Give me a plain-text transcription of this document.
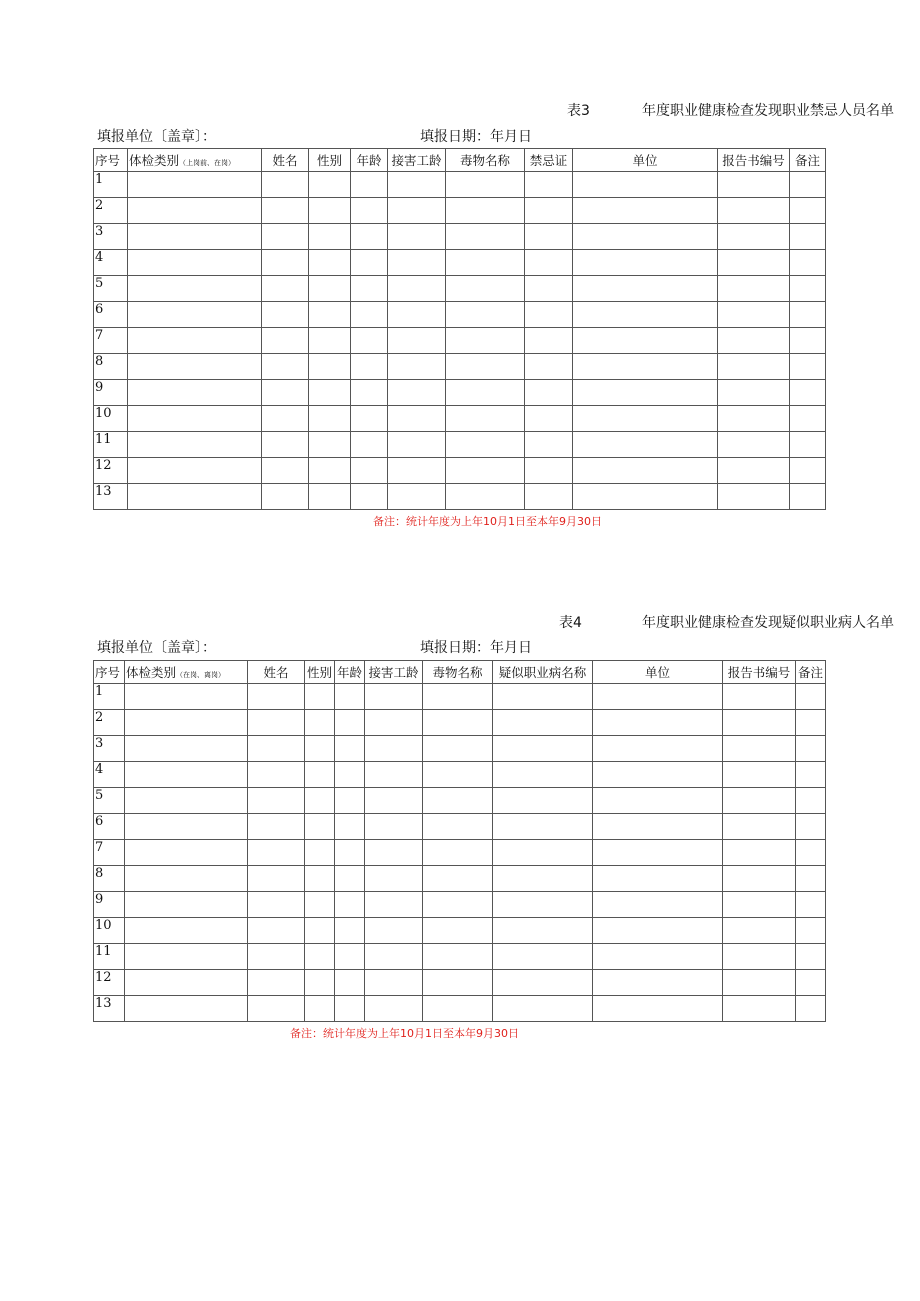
表3	年度职业健康检查发现职业禁忌人员名单
填报单位〔盖章〕：	填报日期：年月日
序号	体检类别（上岗前、在岗）	姓名	性别	年龄	接害工龄	毒物名称	禁忌证	单位	报告书编号	备注
1										
2										
3										
4										
5										
6										
7										
8										
9										
10										
11										
12										
13										
备注：统计年度为上年10月1日至本年9月30日
表4	年度职业健康检查发现疑似职业病人名单
填报单位〔盖章〕：	填报日期：年月日
序号	体检类别（在岗、离岗）	姓名	性别	年龄	接害工龄	毒物名称	疑似职业病名称	单位	报告书编号	备注
1										
2										
3										
4										
5										
6										
7										
8										
9										
10										
11										
12										
13										
备注：统计年度为上年10月1日至本年9月30日
